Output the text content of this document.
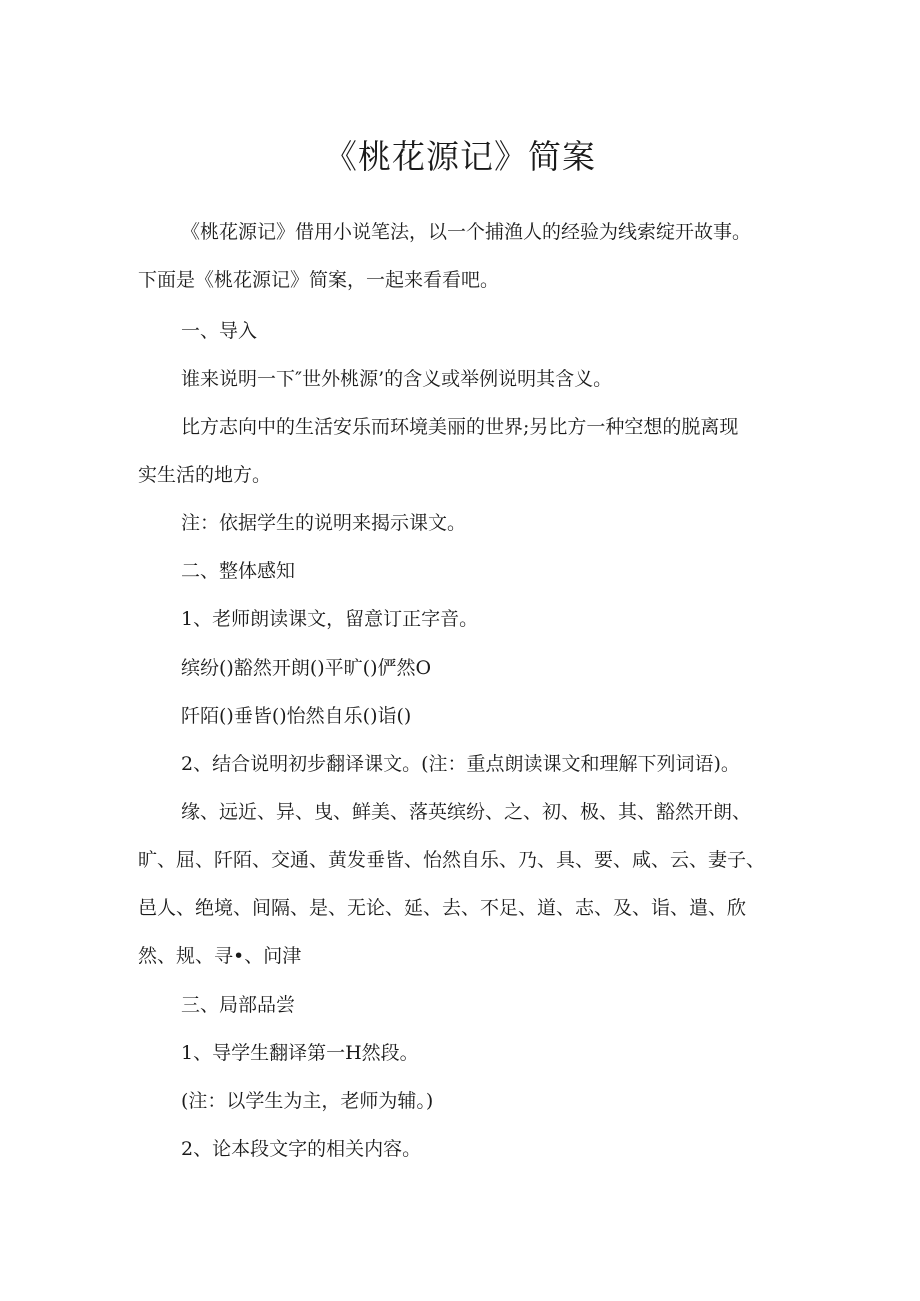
《桃花源记》简案
《桃花源记》借用小说笔法，以一个捕渔人的经验为线索绽开故事。
下面是《桃花源记》简案，一起来看看吧。
一、导入
谁来说明一下″世外桃源’的含义或举例说明其含义。
比方志向中的生活安乐而环境美丽的世界;另比方一种空想的脱离现
实生活的地方。
注：依据学生的说明来揭示课文。
二、整体感知
1、老师朗读课文，留意订正字音。
缤纷()豁然开朗()平旷()俨然O
阡陌()垂皆()怡然自乐()诣()
2、结合说明初步翻译课文。(注：重点朗读课文和理解下列词语)。
缘、远近、异、曳、鲜美、落英缤纷、之、初、极、其、豁然开朗、
旷、屈、阡陌、交通、黄发垂皆、怡然自乐、乃、具、要、咸、云、妻子、
邑人、绝境、间隔、是、无论、延、去、不足、道、志、及、诣、遣、欣
然、规、寻•、问津
三、局部品尝
1、导学生翻译第一H然段。
(注：以学生为主，老师为辅。)
2、论本段文字的相关内容。
